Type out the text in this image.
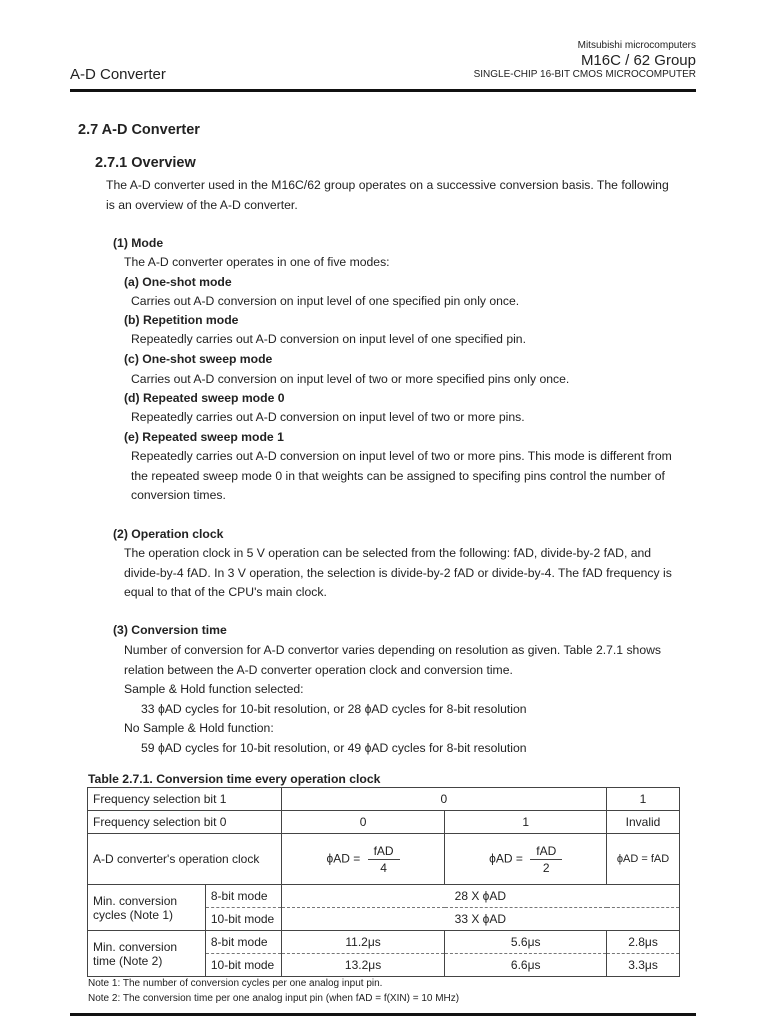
Mitsubishi microcomputers
M16C / 62 Group
SINGLE-CHIP 16-BIT CMOS MICROCOMPUTER
A-D Converter
2.7 A-D Converter
2.7.1 Overview
The A-D converter used in the M16C/62 group operates on a successive conversion basis. The following
is an overview of the A-D converter.
(1) Mode
The A-D converter operates in one of five modes:
(a) One-shot mode
Carries out A-D conversion on input level of one specified pin only once.
(b) Repetition mode
Repeatedly carries out A-D conversion on input level of one specified pin.
(c) One-shot sweep mode
Carries out A-D conversion on input level of two or more specified pins only once.
(d) Repeated sweep mode 0
Repeatedly carries out A-D conversion on input level of two or more pins.
(e) Repeated sweep mode 1
Repeatedly carries out A-D conversion on input level of two or more pins. This mode is different from
the repeated sweep mode 0 in that weights can be assigned to specifing pins control the number of
conversion times.
(2) Operation clock
The operation clock in 5 V operation can be selected from the following: fAD, divide-by-2 fAD, and
divide-by-4 fAD. In 3 V operation, the selection is divide-by-2 fAD or divide-by-4. The fAD frequency is
equal to that of the CPU's main clock.
(3) Conversion time
Number of conversion for A-D convertor varies depending on resolution as given. Table 2.7.1 shows
relation between the A-D converter operation clock and conversion time.
Sample & Hold function selected:
33 ϕAD cycles for 10-bit resolution, or 28 ϕAD cycles for 8-bit resolution
No Sample & Hold function:
59 ϕAD cycles for 10-bit resolution, or 49 ϕAD cycles for 8-bit resolution
Table 2.7.1. Conversion time every operation clock
Frequency selection bit 1		0		1
Frequency selection bit 0		0	1	Invalid
A-D converter's operation clock		$\phi AD = \frac{\text{fAD}}{4}$	$\phi AD = \frac{\text{fAD}}{2}$	ϕAD = fAD

Min. conversion
cycles (Note 1)	8-bit mode	28 X ϕAD		
	10-bit mode	33 X ϕAD		

Min. conversion
time (Note 2)	8-bit mode	11.2μs	5.6μs	2.8μs
	10-bit mode	13.2μs	6.6μs	3.3μs
Note 1: The number of conversion cycles per one analog input pin.
Note 2: The conversion time per one analog input pin (when fAD = f(XIN) = 10 MHz)
